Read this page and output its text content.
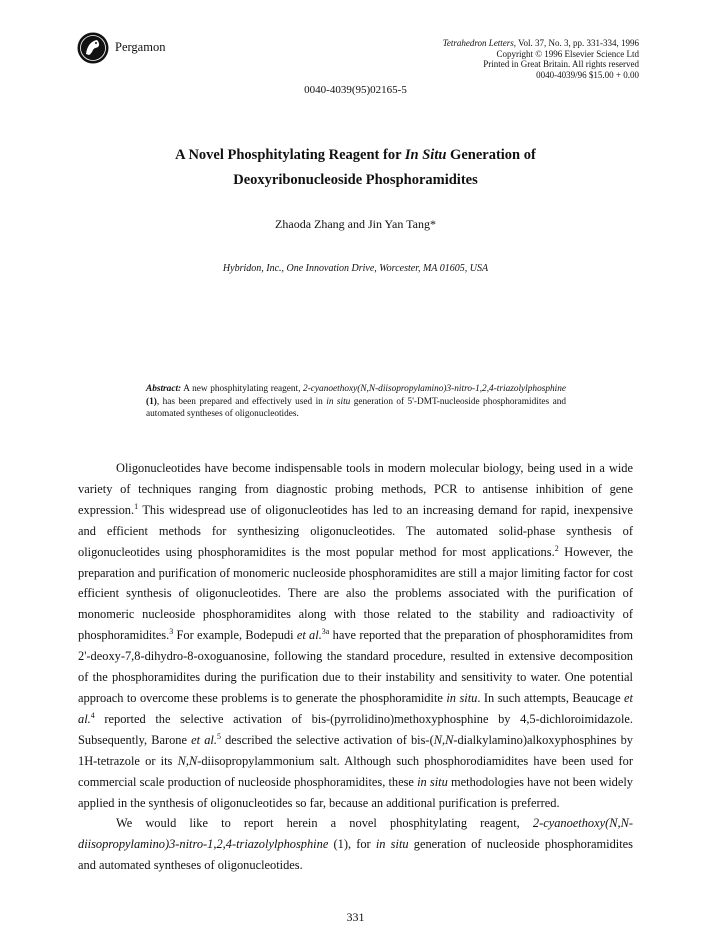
Pergamon	Tetrahedron Letters, Vol. 37, No. 3, pp. 331-334, 1996
Copyright © 1996 Elsevier Science Ltd
Printed in Great Britain. All rights reserved
0040-4039/96 $15.00 + 0.00
0040-4039(95)02165-5
A Novel Phosphitylating Reagent for In Situ Generation of
Deoxyribonucleoside Phosphoramidites
Zhaoda Zhang and Jin Yan Tang*
Hybridon, Inc., One Innovation Drive, Worcester, MA 01605, USA
Abstract: A new phosphitylating reagent, 2-cyanoethoxy(N,N-diisopropylamino)3-nitro-1,2,4-triazolylphosphine (1), has been prepared and effectively used in in situ generation of 5'-DMT-nucleoside phosphoramidites and automated syntheses of oligonucleotides.

Oligonucleotides have become indispensable tools in modern molecular biology, being used in a wide variety of techniques ranging from diagnostic probing methods, PCR to antisense inhibition of gene expression.$^1$ This widespread use of oligonucleotides has led to an increasing demand for rapid, inexpensive and efficient methods for synthesizing oligonucleotides. The automated solid-phase synthesis of oligonucleotides using phosphoramidites is the most popular method for most applications.$^2$ However, the preparation and purification of monomeric nucleoside phosphoramidites are still a major limiting factor for cost efficient synthesis of oligonucleotides. There are also the problems associated with the purification of monomeric nucleoside phosphoramidites along with those related to the stability and radioactivity of phosphoramidites.$^3$ For example, Bodepudi et al.$^{3a}$ have reported that the preparation of phosphoramidites from 2'-deoxy-7,8-dihydro-8-oxoguanosine, following the standard procedure, resulted in extensive decomposition of the phosphoramidites during the purification due to their instability and sensitivity to water. One potential approach to overcome these problems is to generate the phosphoramidite in situ. In such attempts, Beaucage et al.$^4$ reported the selective activation of bis-(pyrrolidino)methoxyphosphine by 4,5-dichloroimidazole. Subsequently, Barone et al.$^5$ described the selective activation of bis-(N,N-dialkylamino)alkoxyphosphines by 1H-tetrazole or its N,N-diisopropylammonium salt. Although such phosphorodiamidites have been used for commercial scale production of nucleoside phosphoramidites, these in situ methodologies have not been widely applied in the synthesis of oligonucleotides so far, because an additional purification is preferred.

We would like to report herein a novel phosphitylating reagent, 2-cyanoethoxy(N,N-diisopropylamino)3-nitro-1,2,4-triazolylphosphine (1), for in situ generation of nucleoside phosphoramidites and automated syntheses of oligonucleotides.

331
